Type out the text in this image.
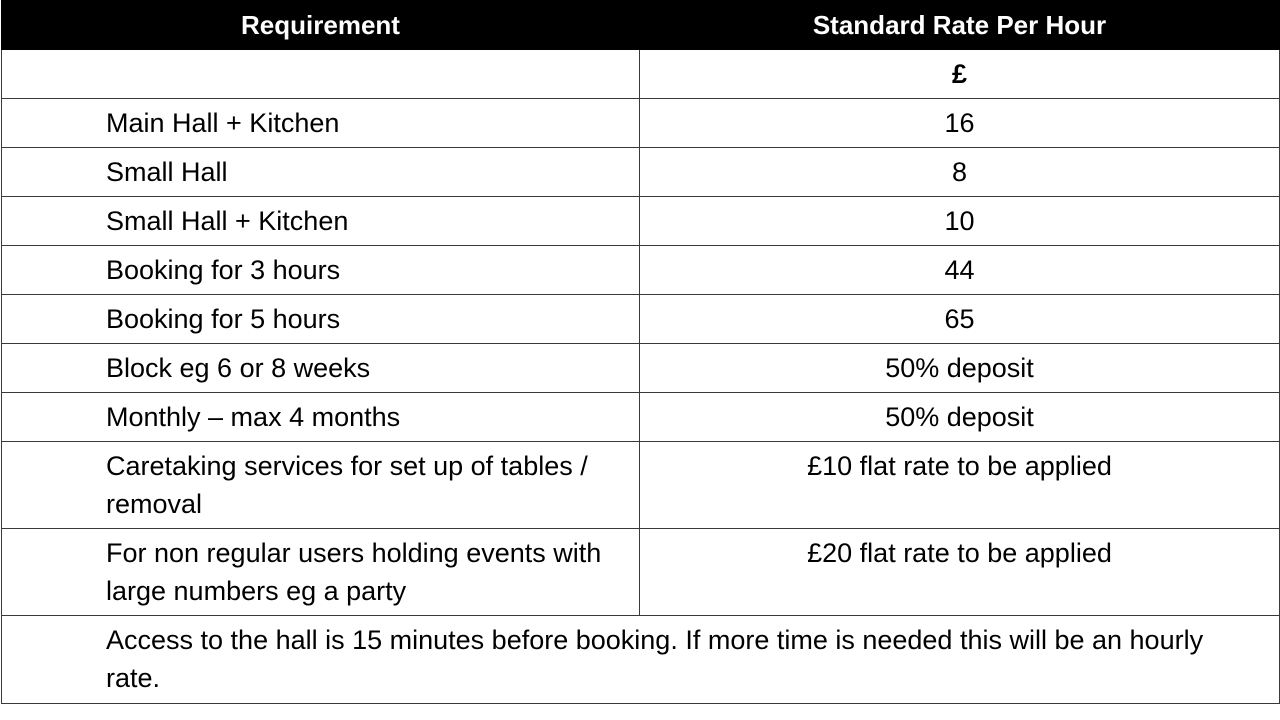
Requirement	Standard Rate Per Hour
	£
Main Hall + Kitchen	16
Small Hall	8
Small Hall + Kitchen	10
Booking for 3 hours	44
Booking for 5 hours	65
Block eg 6 or 8 weeks	50% deposit
Monthly – max 4 months	50% deposit
Caretaking services for set up of tables / removal	£10 flat rate to be applied
For non regular users holding events with large numbers eg a party	£20 flat rate to be applied
Access to the hall is 15 minutes before booking. If more time is needed this will be an hourly rate.	
